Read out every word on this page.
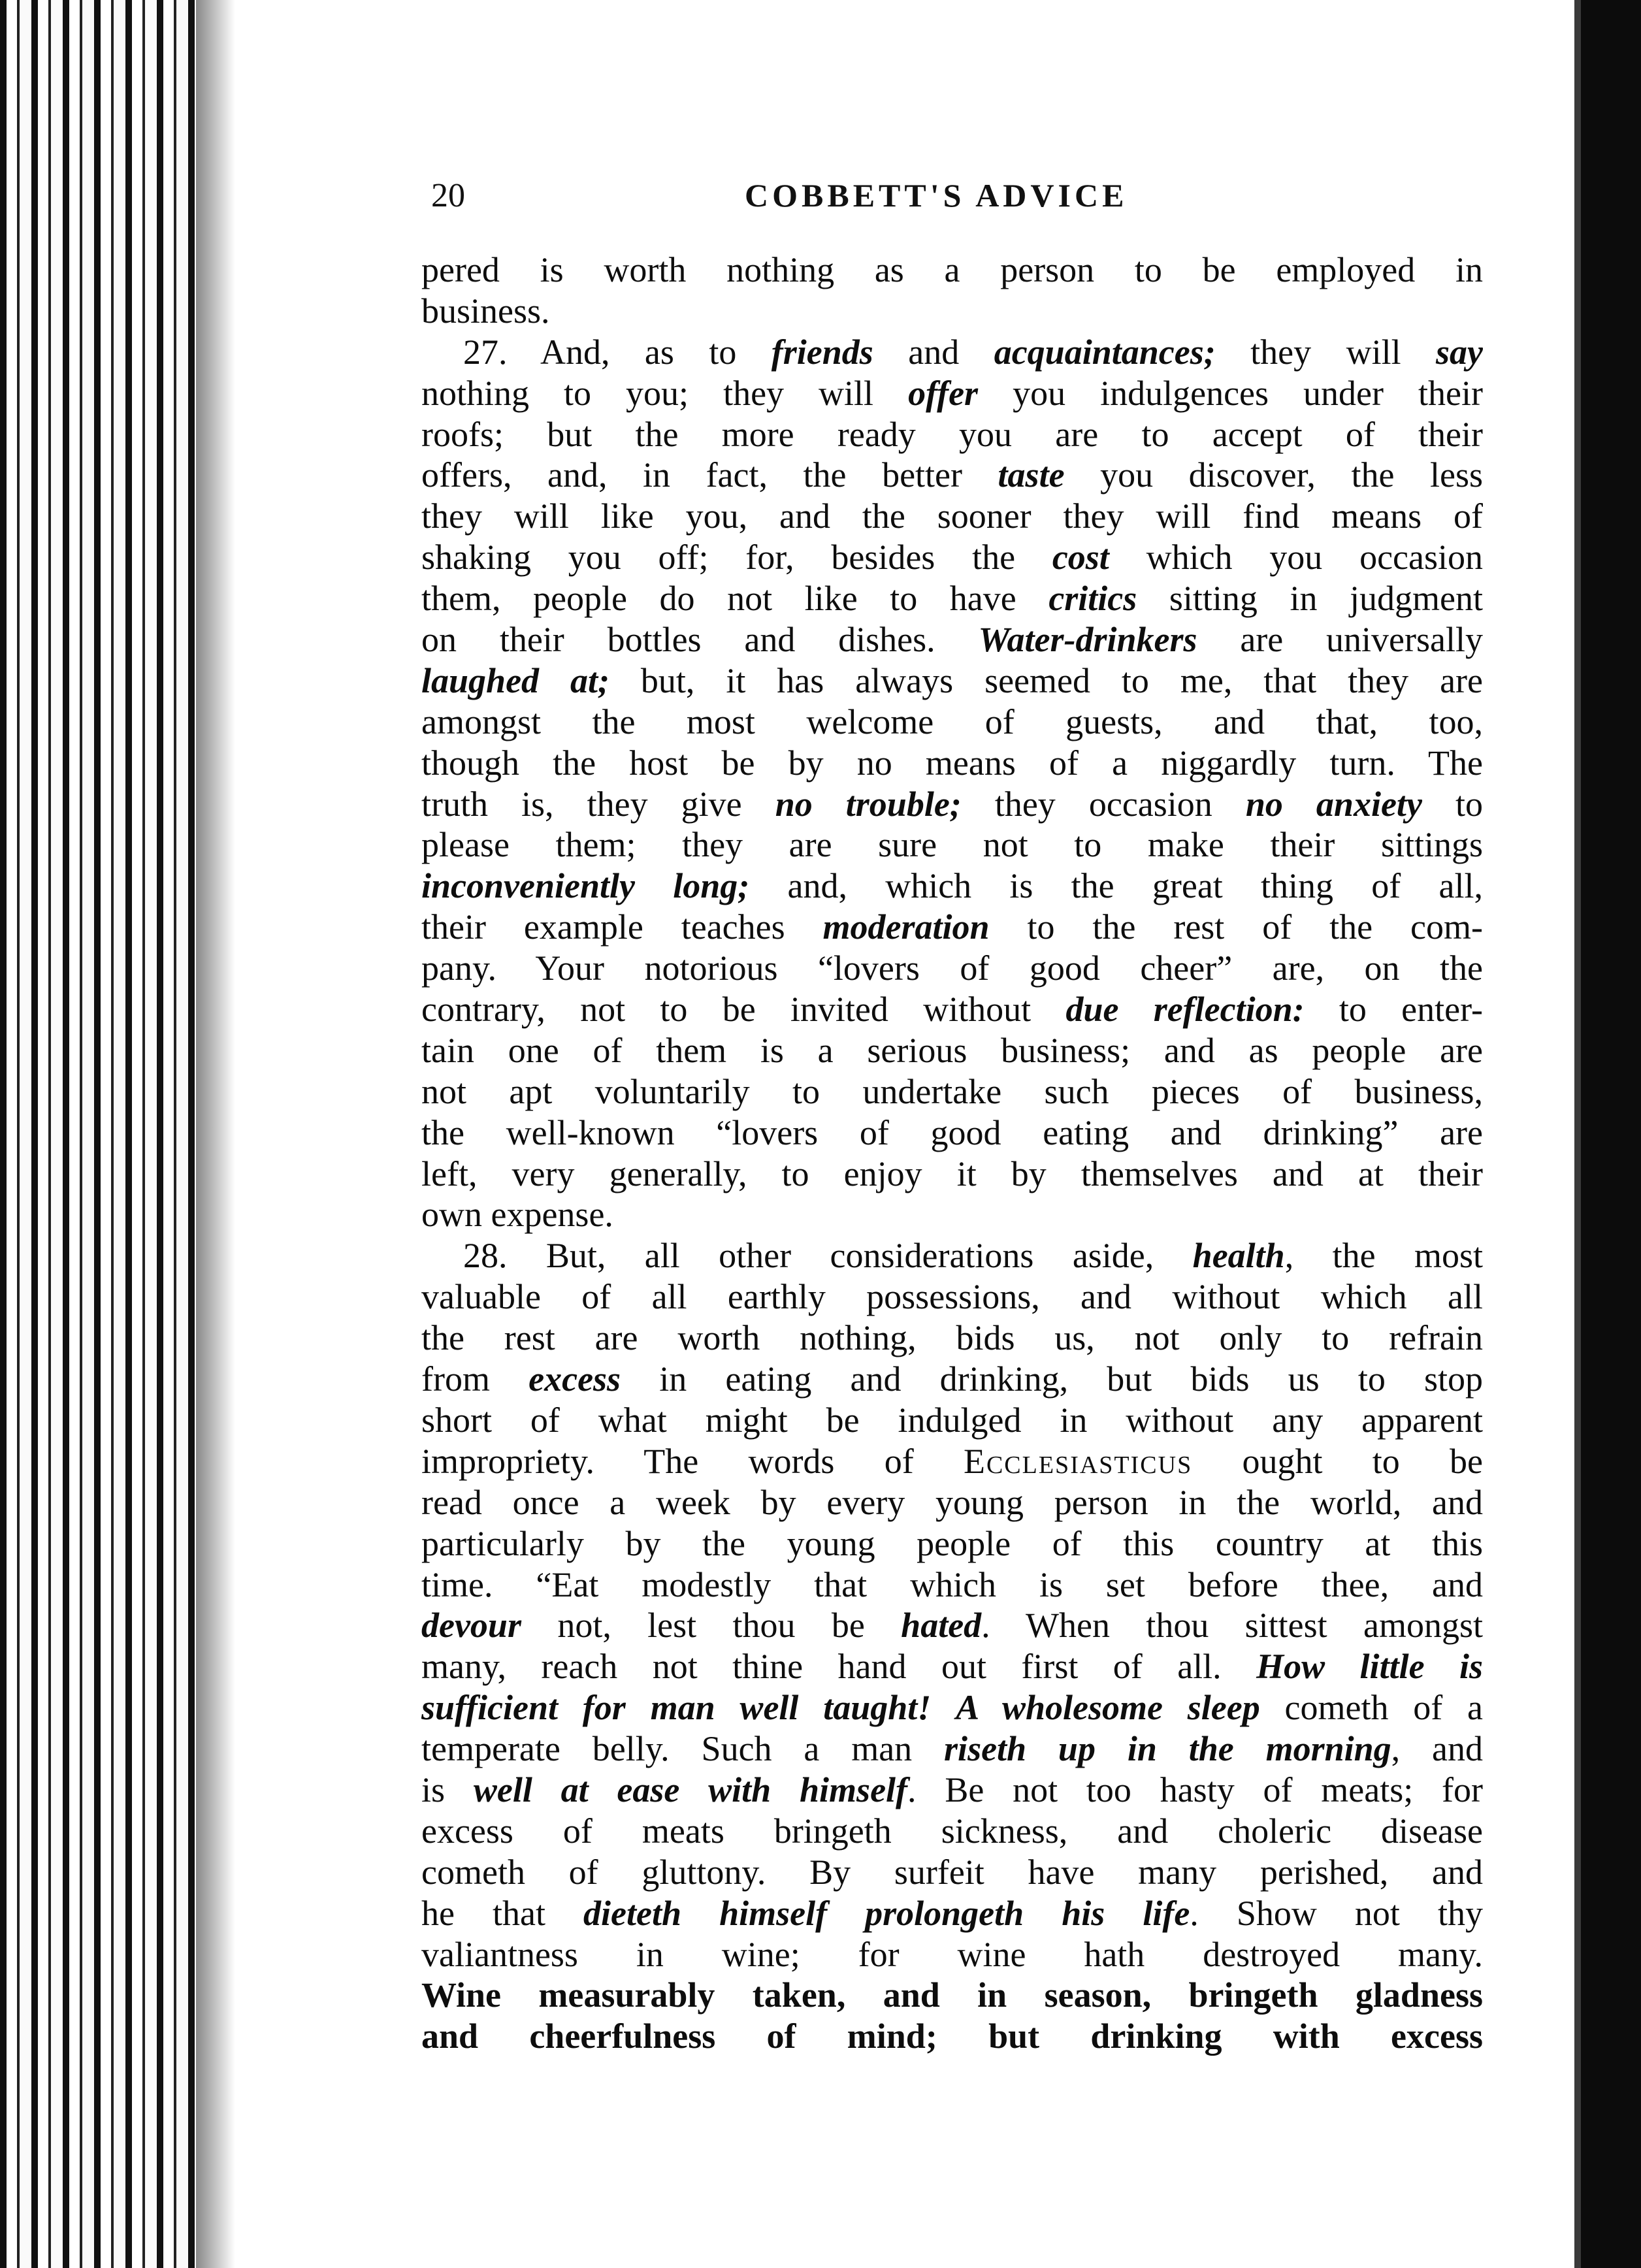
20	COBBETT'S ADVICE
pered is worth nothing as a person to be employed in
business.
27. And, as to friends and acquaintances; they will say
nothing to you; they will offer you indulgences under their
roofs; but the more ready you are to accept of their
offers, and, in fact, the better taste you discover, the less
they will like you, and the sooner they will find means of
shaking you off; for, besides the cost which you occasion
them, people do not like to have critics sitting in judgment
on their bottles and dishes. Water-drinkers are universally
laughed at; but, it has always seemed to me, that they are
amongst the most welcome of guests, and that, too,
though the host be by no means of a niggardly turn. The
truth is, they give no trouble; they occasion no anxiety to
please them; they are sure not to make their sittings
inconveniently long; and, which is the great thing of all,
their example teaches moderation to the rest of the com-
pany. Your notorious “lovers of good cheer” are, on the
contrary, not to be invited without due reflection: to enter-
tain one of them is a serious business; and as people are
not apt voluntarily to undertake such pieces of business,
the well-known “lovers of good eating and drinking” are
left, very generally, to enjoy it by themselves and at their
own expense.
28. But, all other considerations aside, health, the most
valuable of all earthly possessions, and without which all
the rest are worth nothing, bids us, not only to refrain
from excess in eating and drinking, but bids us to stop
short of what might be indulged in without any apparent
impropriety. The words of Ecclesiasticus ought to be
read once a week by every young person in the world, and
particularly by the young people of this country at this
time. “Eat modestly that which is set before thee, and
devour not, lest thou be hated. When thou sittest amongst
many, reach not thine hand out first of all. How little is
sufficient for man well taught! A wholesome sleep cometh of a
temperate belly. Such a man riseth up in the morning, and
is well at ease with himself. Be not too hasty of meats; for
excess of meats bringeth sickness, and choleric disease
cometh of gluttony. By surfeit have many perished, and
he that dieteth himself prolongeth his life. Show not thy
valiantness in wine; for wine hath destroyed many.
Wine measurably taken, and in season, bringeth gladness
and cheerfulness of mind; but drinking with excess
